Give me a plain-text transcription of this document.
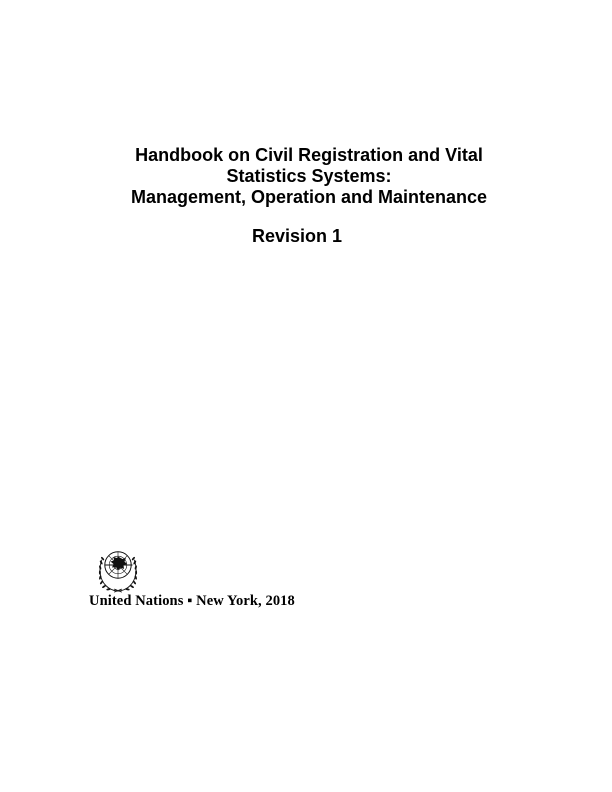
Handbook on Civil Registration and Vital
Statistics Systems:
Management, Operation and Maintenance
Revision 1
United Nations ▪ New York, 2018
